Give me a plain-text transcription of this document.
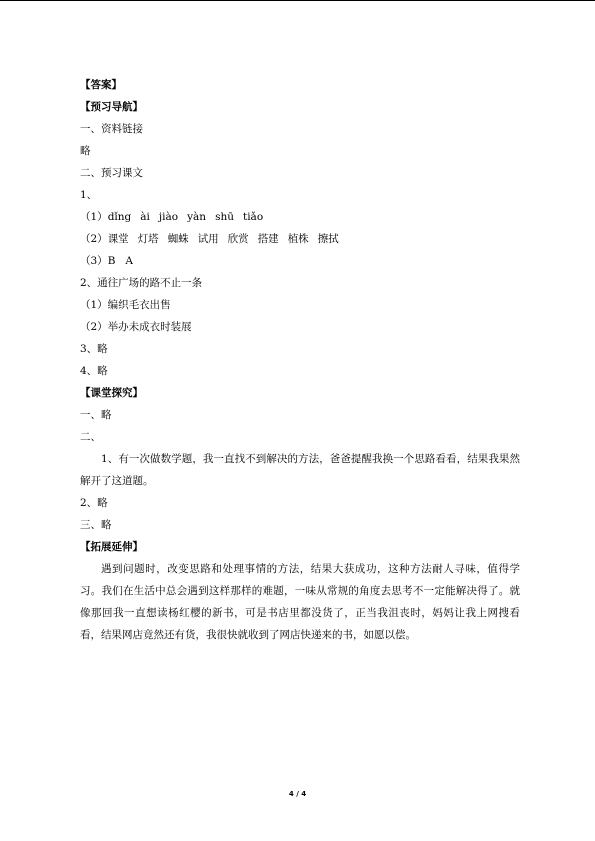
【答案】
【预习导航】
一、资料链接
略
二、预习课文
1、
（1）dǐng ài jiào yàn shū tiǎo
（2）课堂 灯塔 蜘蛛 试用 欣赏 搭建 植株 擦拭
（3）B A
2、通往广场的路不止一条
（1）编织毛衣出售
（2）举办未成衣时装展
3、略
4、略
【课堂探究】
一、略
二、
1、有一次做数学题，我一直找不到解决的方法，爸爸提醒我换一个思路看看，结果我果然解开了这道题。
2、略
三、略
【拓展延伸】
遇到问题时，改变思路和处理事情的方法，结果大获成功，这种方法耐人寻味，值得学习。我们在生活中总会遇到这样那样的难题，一味从常规的角度去思考不一定能解决得了。就像那回我一直想读杨红樱的新书，可是书店里都没货了，正当我沮丧时，妈妈让我上网搜看看，结果网店竟然还有货，我很快就收到了网店快递来的书，如愿以偿。
4 / 4
